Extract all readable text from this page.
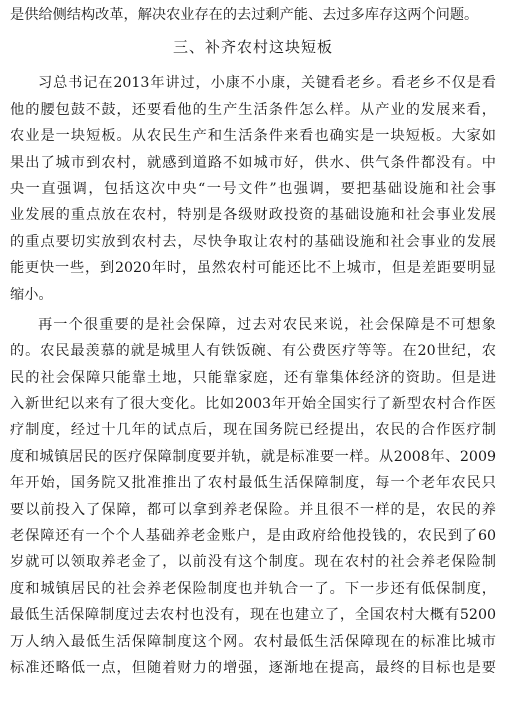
是供给侧结构改革，解决农业存在的去过剩产能、去过多库存这两个问题。
三、补齐农村这块短板
习总书记在2013年讲过，小康不小康，关键看老乡。看老乡不仅是看
他的腰包鼓不鼓，还要看他的生产生活条件怎么样。从产业的发展来看，
农业是一块短板。从农民生产和生活条件来看也确实是一块短板。大家如
果出了城市到农村，就感到道路不如城市好，供水、供气条件都没有。中
央一直强调，包括这次中央“一号文件”也强调，要把基础设施和社会事
业发展的重点放在农村，特别是各级财政投资的基础设施和社会事业发展
的重点要切实放到农村去，尽快争取让农村的基础设施和社会事业的发展
能更快一些，到2020年时，虽然农村可能还比不上城市，但是差距要明显
缩小。
再一个很重要的是社会保障，过去对农民来说，社会保障是不可想象
的。农民最羡慕的就是城里人有铁饭碗、有公费医疗等等。在20世纪，农
民的社会保障只能靠土地，只能靠家庭，还有靠集体经济的资助。但是进
入新世纪以来有了很大变化。比如2003年开始全国实行了新型农村合作医
疗制度，经过十几年的试点后，现在国务院已经提出，农民的合作医疗制
度和城镇居民的医疗保障制度要并轨，就是标准要一样。从2008年、2009
年开始，国务院又批准推出了农村最低生活保障制度，每一个老年农民只
要以前投入了保障，都可以拿到养老保险。并且很不一样的是，农民的养
老保障还有一个个人基础养老金账户，是由政府给他投钱的，农民到了60
岁就可以领取养老金了，以前没有这个制度。现在农村的社会养老保险制
度和城镇居民的社会养老保险制度也并轨合一了。下一步还有低保制度，
最低生活保障制度过去农村也没有，现在也建立了，全国农村大概有5200
万人纳入最低生活保障制度这个网。农村最低生活保障现在的标准比城市
标准还略低一点，但随着财力的增强，逐渐地在提高，最终的目标也是要
